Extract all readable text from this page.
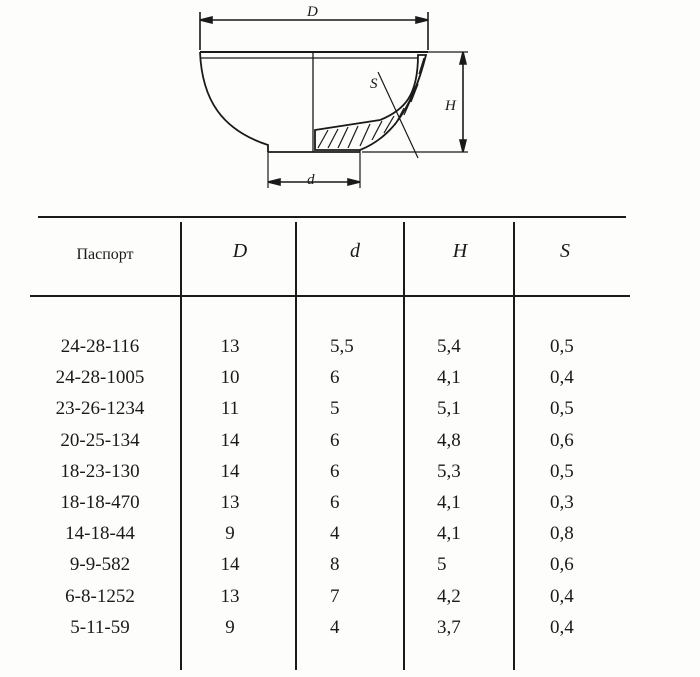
D
S
H
d
Паспорт	D	d	H	S
24-28-116	13	5,5	5,4	0,5
24-28-1005	10	6	4,1	0,4
23-26-1234	11	5	5,1	0,5
20-25-134	14	6	4,8	0,6
18-23-130	14	6	5,3	0,5
18-18-470	13	6	4,1	0,3
14-18-44	9	4	4,1	0,8
9-9-582	14	8	5	0,6
6-8-1252	13	7	4,2	0,4
5-11-59	9	4	3,7	0,4
